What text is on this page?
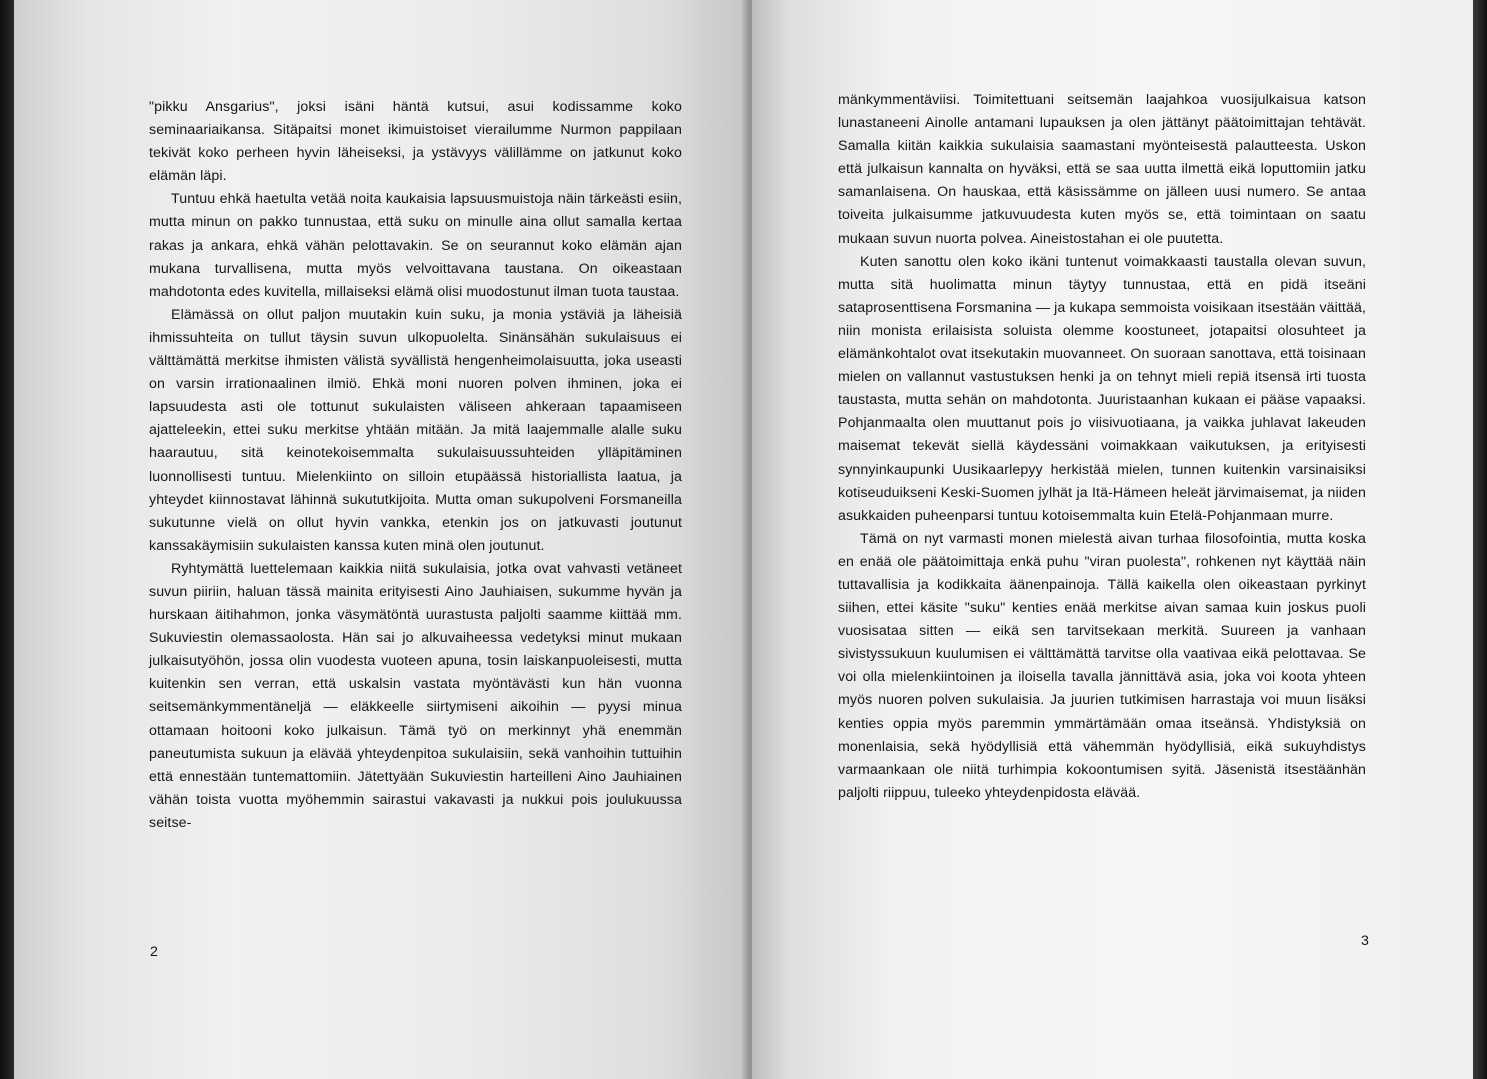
"pikku Ansgarius", joksi isäni häntä kutsui, asui kodissamme koko seminaariaikansa. Sitäpaitsi monet ikimuistoiset vierailumme Nurmon pappilaan tekivät koko perheen hyvin läheiseksi, ja ystävyys välillämme on jatkunut koko elämän läpi.

Tuntuu ehkä haetulta vetää noita kaukaisia lapsuusmuistoja näin tärkeästi esiin, mutta minun on pakko tunnustaa, että suku on minulle aina ollut samalla kertaa rakas ja ankara, ehkä vähän pelottavakin. Se on seurannut koko elämän ajan mukana turvallisena, mutta myös velvoittavana taustana. On oikeastaan mahdotonta edes kuvitella, millaiseksi elämä olisi muodostunut ilman tuota taustaa.

Elämässä on ollut paljon muutakin kuin suku, ja monia ystäviä ja läheisiä ihmissuhteita on tullut täysin suvun ulkopuolelta. Sinänsähän sukulaisuus ei välttämättä merkitse ihmisten välistä syvällistä hengenheimolaisuutta, joka useasti on varsin irrationaalinen ilmiö. Ehkä moni nuoren polven ihminen, joka ei lapsuudesta asti ole tottunut sukulaisten väliseen ahkeraan tapaamiseen ajatteleekin, ettei suku merkitse yhtään mitään. Ja mitä laajemmalle alalle suku haarautuu, sitä keinotekoisemmalta sukulaisuussuhteiden ylläpitäminen luonnollisesti tuntuu. Mielenkiinto on silloin etupäässä historiallista laatua, ja yhteydet kiinnostavat lähinnä sukututkijoita. Mutta oman sukupolveni Forsmaneilla sukutunne vielä on ollut hyvin vankka, etenkin jos on jatkuvasti joutunut kanssakäymisiin sukulaisten kanssa kuten minä olen joutunut.

Ryhtymättä luettelemaan kaikkia niitä sukulaisia, jotka ovat vahvasti vetäneet suvun piiriin, haluan tässä mainita erityisesti Aino Jauhiaisen, sukumme hyvän ja hurskaan äitihahmon, jonka väsymätöntä uurastusta paljolti saamme kiittää mm. Sukuviestin olemassaolosta. Hän sai jo alkuvaiheessa vedetyksi minut mukaan julkaisutyöhön, jossa olin vuodesta vuoteen apuna, tosin laiskanpuoleisesti, mutta kuitenkin sen verran, että uskalsin vastata myöntävästi kun hän vuonna seitsemänkymmentäneljä — eläkkeelle siirtymiseni aikoihin — pyysi minua ottamaan hoitooni koko julkaisun. Tämä työ on merkinnyt yhä enemmän paneutumista sukuun ja elävää yhteydenpitoa sukulaisiin, sekä vanhoihin tuttuihin että ennestään tuntemattomiin. Jätettyään Sukuviestin harteilleni Aino Jauhiainen vähän toista vuotta myöhemmin sairastui vakavasti ja nukkui pois joulukuussa seitse-

2

mänkymmentäviisi. Toimitettuani seitsemän laajahkoa vuosijulkaisua katson lunastaneeni Ainolle antamani lupauksen ja olen jättänyt päätoimittajan tehtävät. Samalla kiitän kaikkia sukulaisia saamastani myönteisestä palautteesta. Uskon että julkaisun kannalta on hyväksi, että se saa uutta ilmettä eikä loputtomiin jatku samanlaisena. On hauskaa, että käsissämme on jälleen uusi numero. Se antaa toiveita julkaisumme jatkuvuudesta kuten myös se, että toimintaan on saatu mukaan suvun nuorta polvea. Aineistostahan ei ole puutetta.

Kuten sanottu olen koko ikäni tuntenut voimakkaasti taustalla olevan suvun, mutta sitä huolimatta minun täytyy tunnustaa, että en pidä itseäni sataprosenttisena Forsmanina — ja kukapa semmoista voisikaan itsestään väittää, niin monista erilaisista soluista olemme koostuneet, jotapaitsi olosuhteet ja elämänkohtalot ovat itsekutakin muovanneet. On suoraan sanottava, että toisinaan mielen on vallannut vastustuksen henki ja on tehnyt mieli repiä itsensä irti tuosta taustasta, mutta sehän on mahdotonta. Juuristaanhan kukaan ei pääse vapaaksi. Pohjanmaalta olen muuttanut pois jo viisivuotiaana, ja vaikka juhlavat lakeuden maisemat tekevät siellä käydessäni voimakkaan vaikutuksen, ja erityisesti synnyinkaupunki Uusikaarlepyy herkistää mielen, tunnen kuitenkin varsinaisiksi kotiseuduikseni Keski-Suomen jylhät ja Itä-Hämeen heleät järvimaisemat, ja niiden asukkaiden puheenparsi tuntuu kotoisemmalta kuin Etelä-Pohjanmaan murre.

Tämä on nyt varmasti monen mielestä aivan turhaa filosofointia, mutta koska en enää ole päätoimittaja enkä puhu "viran puolesta", rohkenen nyt käyttää näin tuttavallisia ja kodikkaita äänenpainoja. Tällä kaikella olen oikeastaan pyrkinyt siihen, ettei käsite "suku" kenties enää merkitse aivan samaa kuin joskus puoli vuosisataa sitten — eikä sen tarvitsekaan merkitä. Suureen ja vanhaan sivistyssukuun kuulumisen ei välttämättä tarvitse olla vaativaa eikä pelottavaa. Se voi olla mielenkiintoinen ja iloisella tavalla jännittävä asia, joka voi koota yhteen myös nuoren polven sukulaisia. Ja juurien tutkimisen harrastaja voi muun lisäksi kenties oppia myös paremmin ymmärtämään omaa itseänsä. Yhdistyksiä on monenlaisia, sekä hyödyllisiä että vähemmän hyödyllisiä, eikä sukuyhdistys varmaankaan ole niitä turhimpia kokoontumisen syitä. Jäsenistä itsestäänhän paljolti riippuu, tuleeko yhteydenpidosta elävää.

3
